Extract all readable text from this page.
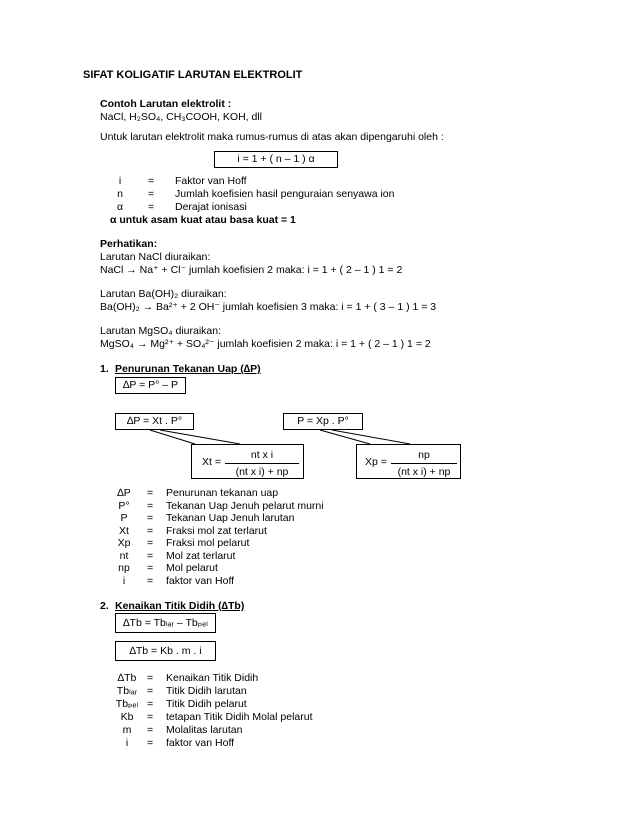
SIFAT KOLIGATIF LARUTAN ELEKTROLIT
Contoh Larutan elektrolit :
NaCl, H₂SO₄, CH₃COOH, KOH, dll
Untuk larutan elektrolit maka rumus-rumus di atas akan dipengaruhi oleh :
i = 1 + ( n – 1 ) α
i	= Faktor van Hoff
n	= Jumlah koefisien hasil penguraian senyawa ion
α	= Derajat ionisasi
α untuk asam kuat atau basa kuat = 1
Perhatikan:
Larutan NaCl diuraikan:
NaCl → Na⁺ + Cl⁻ jumlah koefisien 2 maka: i = 1 + ( 2 – 1 ) 1 = 2
Larutan Ba(OH)₂ diuraikan:
Ba(OH)₂ → Ba²⁺ + 2 OH⁻ jumlah koefisien 3 maka: i = 1 + ( 3 – 1 ) 1 = 3
Larutan MgSO₄ diuraikan:
MgSO₄ → Mg²⁺ + SO₄²⁻ jumlah koefisien 2 maka: i = 1 + ( 2 – 1 ) 1 = 2
1. Penurunan Tekanan Uap (∆P)
∆P = P° – P
∆P = Xt . P°	P = Xp . P°
$Xt = \frac{\text{nt x i}}{\text{(nt x i) + np}}$	$Xp = \frac{np}{\text{(nt x i) + np}}$
∆P	= Penurunan tekanan uap
P°	= Tekanan Uap Jenuh pelarut murni
P	= Tekanan Uap Jenuh larutan
Xt	= Fraksi mol zat terlarut
Xp	= Fraksi mol pelarut
nt	= Mol zat terlarut
np	= Mol pelarut
i	= faktor van Hoff
2. Kenaikan Titik Didih (∆Tb)
∆Tb = Tbₗₐᵣ – Tbₚₑₗ
∆Tb = Kb . m . i
∆Tb	= Kenaikan Titik Didih
Tbₗₐᵣ = Titik Didih larutan
Tbₚₑₗ = Titik Didih pelarut
Kb	= tetapan Titik Didih Molal pelarut
m	= Molalitas larutan
i	= faktor van Hoff
